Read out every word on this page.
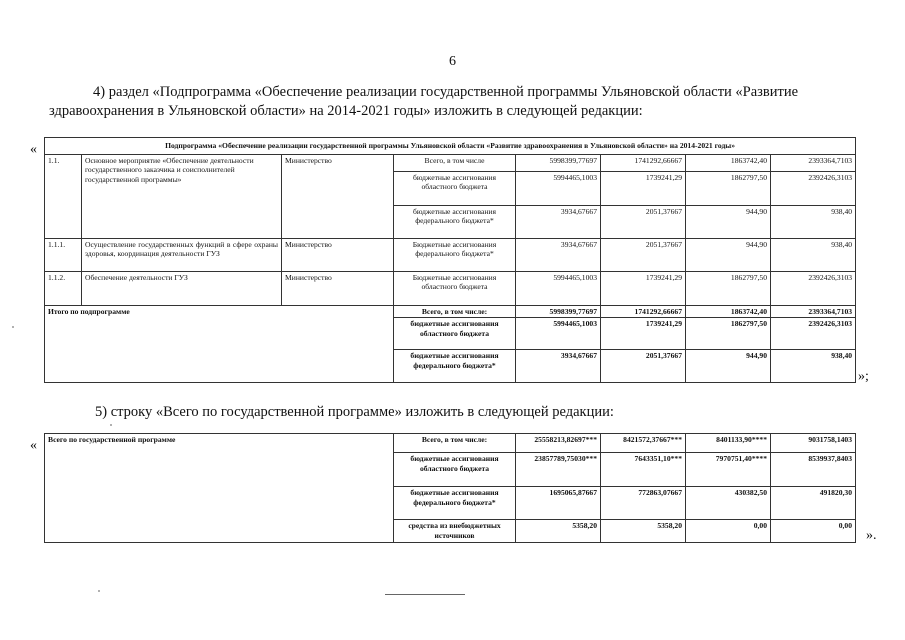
6
4) раздел «Подпрограмма «Обеспечение реализации государственной программы Ульяновской области «Развитие здравоохранения в Ульяновской области» на 2014-2021 годы» изложить в следующей редакции:
«	Подпрограмма «Обеспечение реализации государственной программы Ульяновской области «Развитие здравоохранения в Ульяновской области» на 2014-2021 годы»							
1.1.	Основное мероприятие «Обеспечение деятельности государственного заказчика и соисполнителей государственной программы»	Министерство	Всего, в том числе	5998399,77697	1741292,66667	1863742,40	2393364,7103
			бюджетные ассигнования областного бюджета	5994465,1003	1739241,29	1862797,50	2392426,3103
			бюджетные ассигнования федерального бюджета*	3934,67667	2051,37667	944,90	938,40
1.1.1.	Осуществление государственных функций в сфере охраны здоровья, координация деятельности ГУЗ	Министерство	Бюджетные ассигнования федерального бюджета*	3934,67667	2051,37667	944,90	938,40
1.1.2.	Обеспечение деятельности ГУЗ	Министерство	Бюджетные ассигнования областного бюджета	5994465,1003	1739241,29	1862797,50	2392426,3103
Итого по подпрограмме			Всего, в том числе:	5998399,77697	1741292,66667	1863742,40	2393364,7103
			бюджетные ассигнования областного бюджета	5994465,1003	1739241,29	1862797,50	2392426,3103
			бюджетные ассигнования федерального бюджета*	3934,67667	2051,37667	944,90	938,40
»;
5) строку «Всего по государственной программе» изложить в следующей редакции:
« Всего по государственной программе	Всего, в том числе:	25558213,82697***	8421572,37667***	8401133,90****	9031758,1403
	бюджетные ассигнования областного бюджета	23857789,75030***	7643351,10***	7970751,40****	8539937,8403
	бюджетные ассигнования федерального бюджета*	1695065,87667	772863,07667	430382,50	491820,30
	средства из внебюджетных источников	5358,20	5358,20	0,00	0,00
».
